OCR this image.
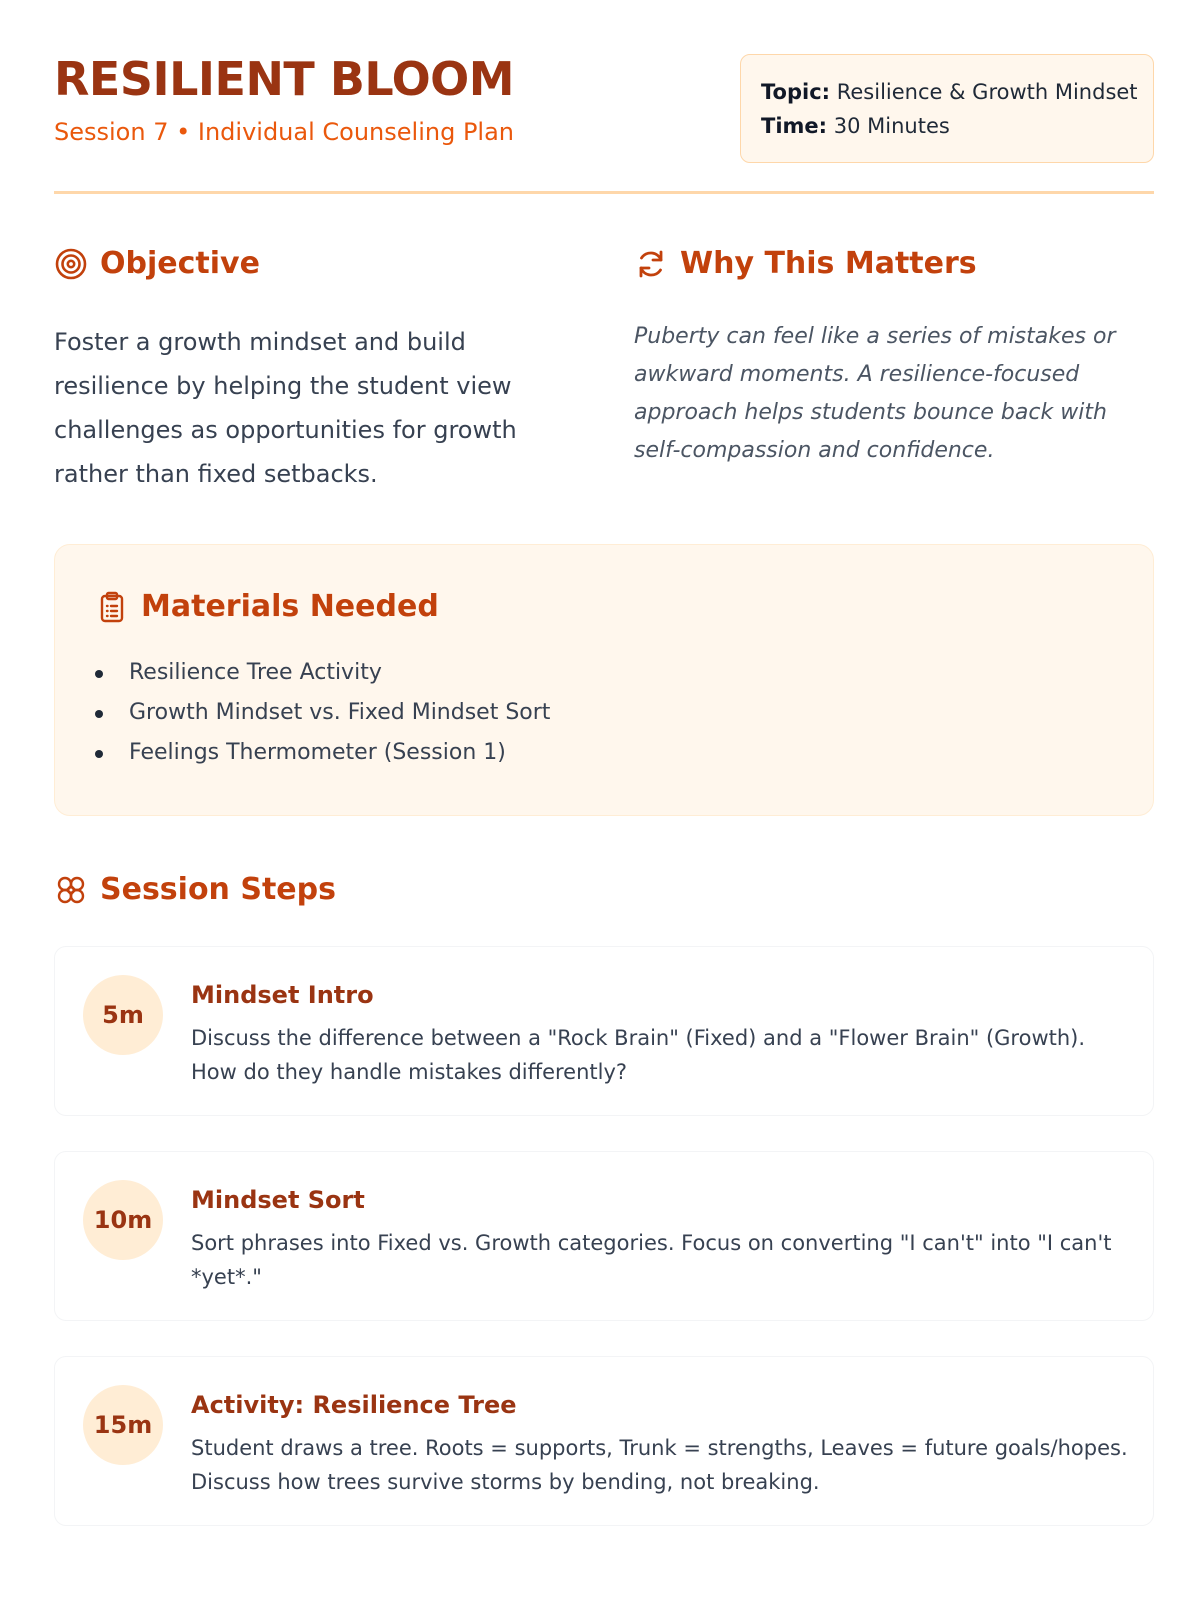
RESILIENT BLOOM
Session 7 • Individual Counseling Plan
Topic: Resilience & Growth Mindset
Time: 30 Minutes
Objective

Foster a growth mindset and build resilience by helping the student view challenges as opportunities for growth rather than fixed setbacks.

Why This Matters

Puberty can feel like a series of mistakes or awkward moments. A resilience-focused approach helps students bounce back with self-compassion and confidence.

Materials Needed
Resilience Tree Activity
Growth Mindset vs. Fixed Mindset Sort
Feelings Thermometer (Session 1)
Session Steps
5m
Mindset Intro
Discuss the difference between a "Rock Brain" (Fixed) and a "Flower Brain" (Growth). How do they handle mistakes differently?
10m
Mindset Sort
Sort phrases into Fixed vs. Growth categories. Focus on converting "I can't" into "I can't *yet*."
15m
Activity: Resilience Tree
Student draws a tree. Roots = supports, Trunk = strengths, Leaves = future goals/hopes. Discuss how trees survive storms by bending, not breaking.
